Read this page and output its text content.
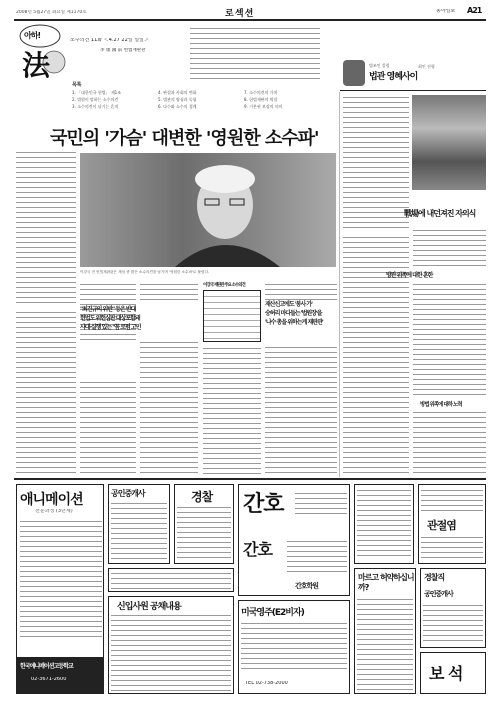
2008년 5월27일 화요일 제1170호	로 섹 션	동아일보 A21
아하!
法
소수의견 11화 ＜4.27 22일 일일＞
李 康 國 前 헌법재판관
목 록
1. 「대한민국 헌법」 제1조
2. 법원이 말하는 소수의견
3. 소수의견이 남기는 흔적
4. 판결과 사회의 변화
5. 법관의 양심과 독립
6. 다수와 소수의 경계
7. 소수의견의 가치
8. 헌법재판의 역할
9. 기본권 보장의 의미
법조인 칼럼
법관 영혜사이
최인 진형
국민의 '가슴' 대변한 '영원한 소수파'
이강국 전 헌법재판관은 재임 중 많은 소수의견을 남기며 '영원한 소수파'로 불렸다.
"최진규의 위반" 등은 반대
헌법도 위헌심판 대상포함돼
사대·실행 있는 "꼼 로펌 고민
이강국 재판관 주요 소수의견
재산신고에도 '봉사 가'
숭허리 마다들는 '법원장'을
'나수 총을 위하는게 재판관'
戰場에 내던져진 자의식
방관 위족에 대한 훈한
방법 위족에 대하 노력
애니메이션
전문과정 (3년제)
한국애니메이션고등학교
02-3671-2600
공인중개사	경찰 간호
간호
간호학원
관절염
신입사원 공채내용
미국영주(E2비자)
TEL 02-738-2000
마르고 허약하십니까?
경찰직
공인중개사
보 석
